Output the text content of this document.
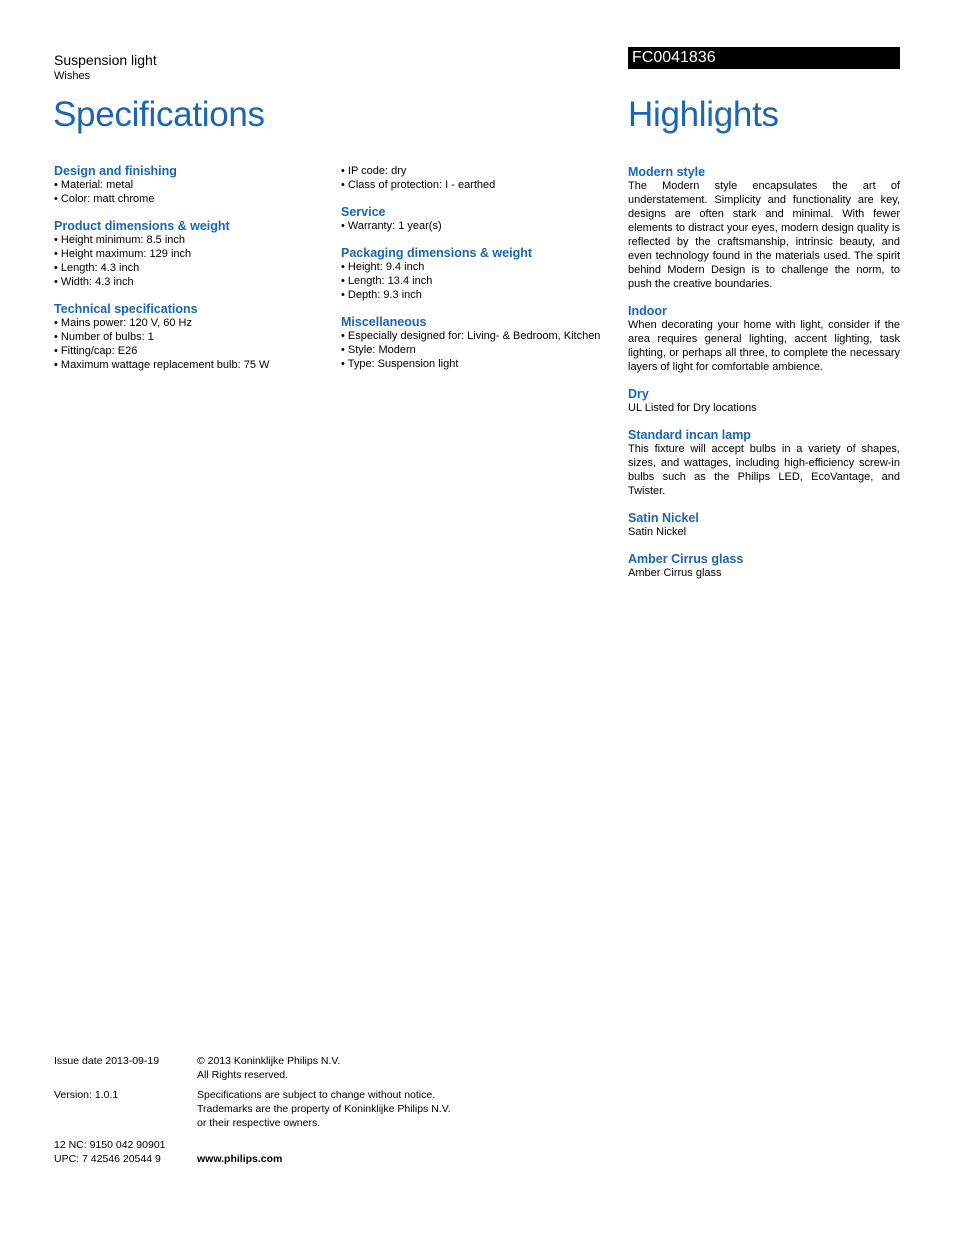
Suspension light
Wishes
Specifications
FC0041836
Highlights
Design and finishing
• Material: metal
• Color: matt chrome
Product dimensions & weight
• Height minimum: 8.5 inch
• Height maximum: 129 inch
• Length: 4.3 inch
• Width: 4.3 inch
Technical specifications
• Mains power: 120 V, 60 Hz
• Number of bulbs: 1
• Fitting/cap: E26
• Maximum wattage replacement bulb: 75 W
• IP code: dry
• Class of protection: I - earthed
Service
• Warranty: 1 year(s)
Packaging dimensions & weight
• Height: 9.4 inch
• Length: 13.4 inch
• Depth: 9.3 inch
Miscellaneous
• Especially designed for: Living- & Bedroom, Kitchen
• Style: Modern
• Type: Suspension light
Modern style
The Modern style encapsulates the art of understatement. Simplicity and functionality are key, designs are often stark and minimal. With fewer elements to distract your eyes, modern design quality is reflected by the craftsmanship, intrinsic beauty, and even technology found in the materials used. The spirit behind Modern Design is to challenge the norm, to push the creative boundaries.
Indoor
When decorating your home with light, consider if the area requires general lighting, accent lighting, task lighting, or perhaps all three, to complete the necessary layers of light for comfortable ambience.
Dry
UL Listed for Dry locations
Standard incan lamp
This fixture will accept bulbs in a variety of shapes, sizes, and wattages, including high-efficiency screw-in bulbs such as the Philips LED, EcoVantage, and Twister.
Satin Nickel
Satin Nickel
Amber Cirrus glass
Amber Cirrus glass
Issue date 2013-09-19	© 2013 Koninklijke Philips N.V.
All Rights reserved.
Version: 1.0.1	Specifications are subject to change without notice.
Trademarks are the property of Koninklijke Philips N.V.
or their respective owners.
12 NC: 9150 042 90901
UPC: 7 42546 20544 9	www.philips.com
